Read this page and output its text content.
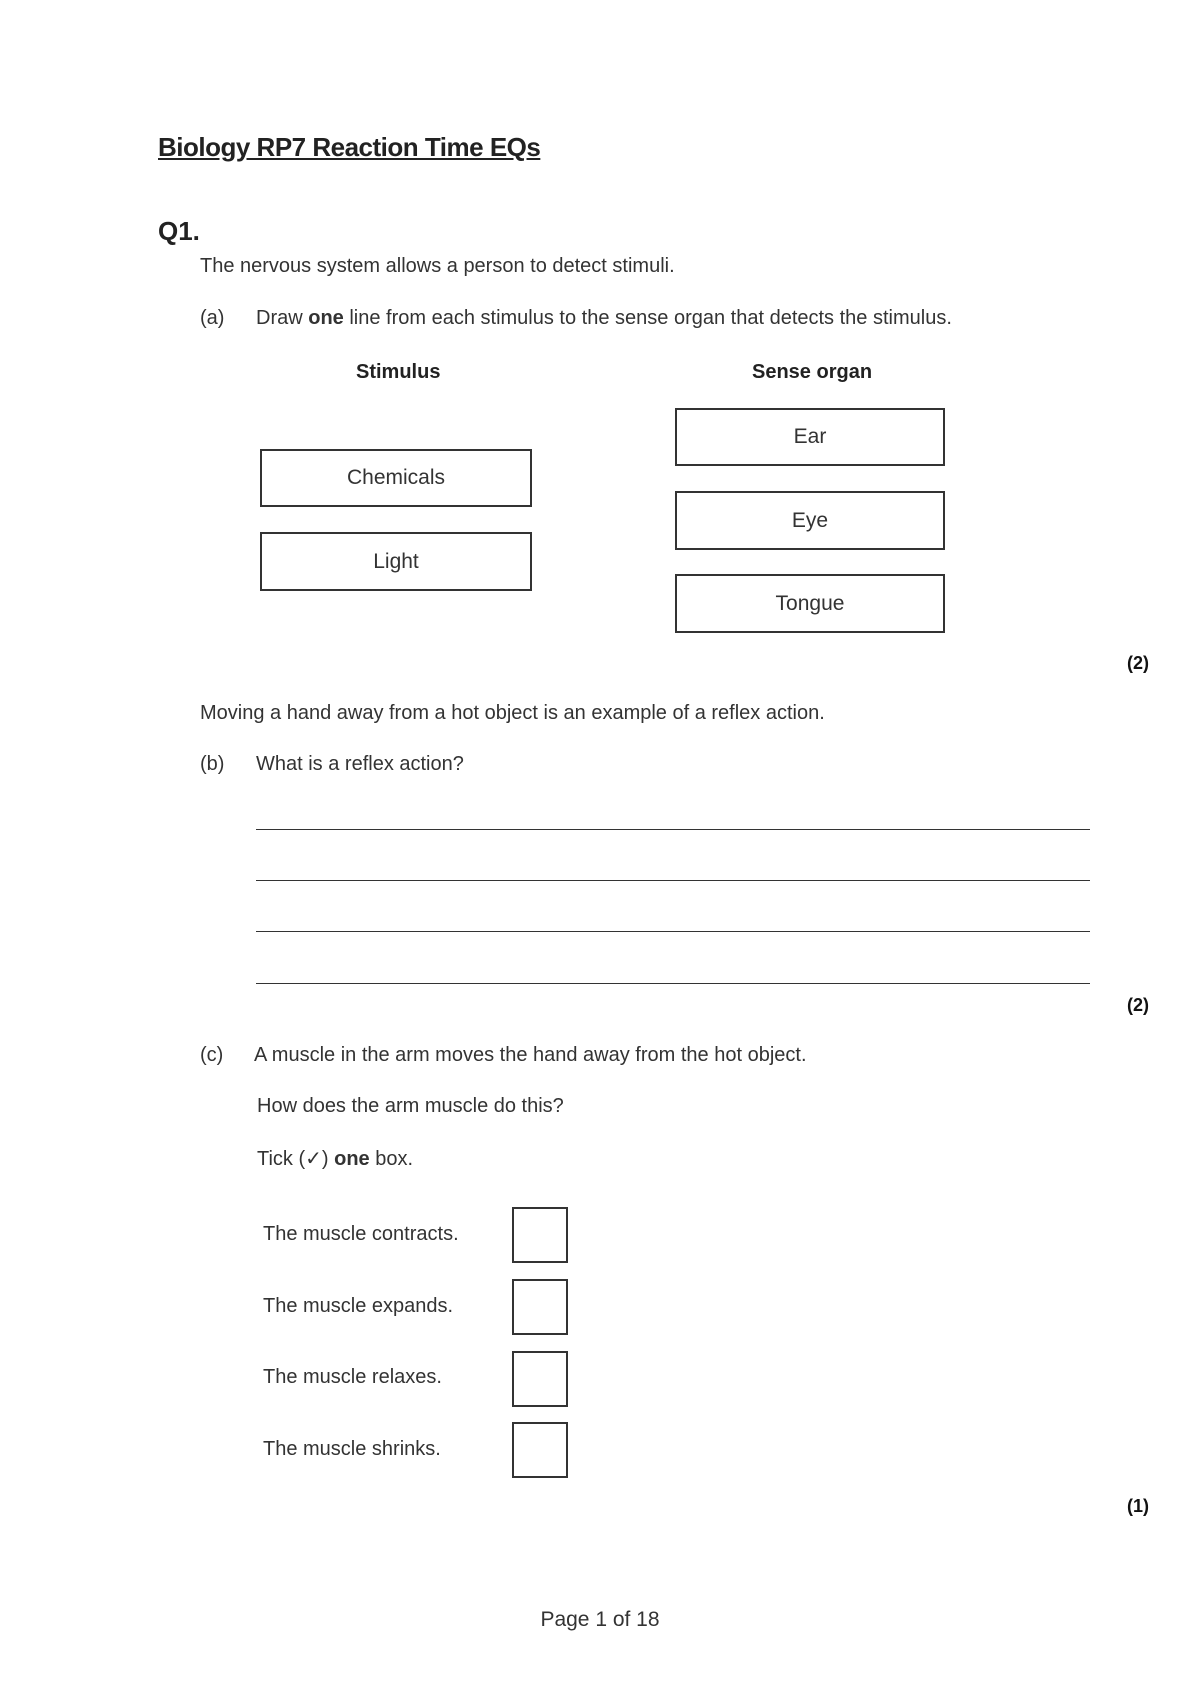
Biology RP7 Reaction Time EQs
Q1.
The nervous system allows a person to detect stimuli.
(a) Draw one line from each stimulus to the sense organ that detects the stimulus.
Stimulus	Sense organ
Chemicals
Light
Ear
Eye
Tongue
(2)
Moving a hand away from a hot object is an example of a reflex action.
(b) What is a reflex action?
(2)
(c) A muscle in the arm moves the hand away from the hot object.
How does the arm muscle do this?
Tick (✓) one box.
The muscle contracts.
The muscle expands.
The muscle relaxes.
The muscle shrinks.
(1)
Page 1 of 18
